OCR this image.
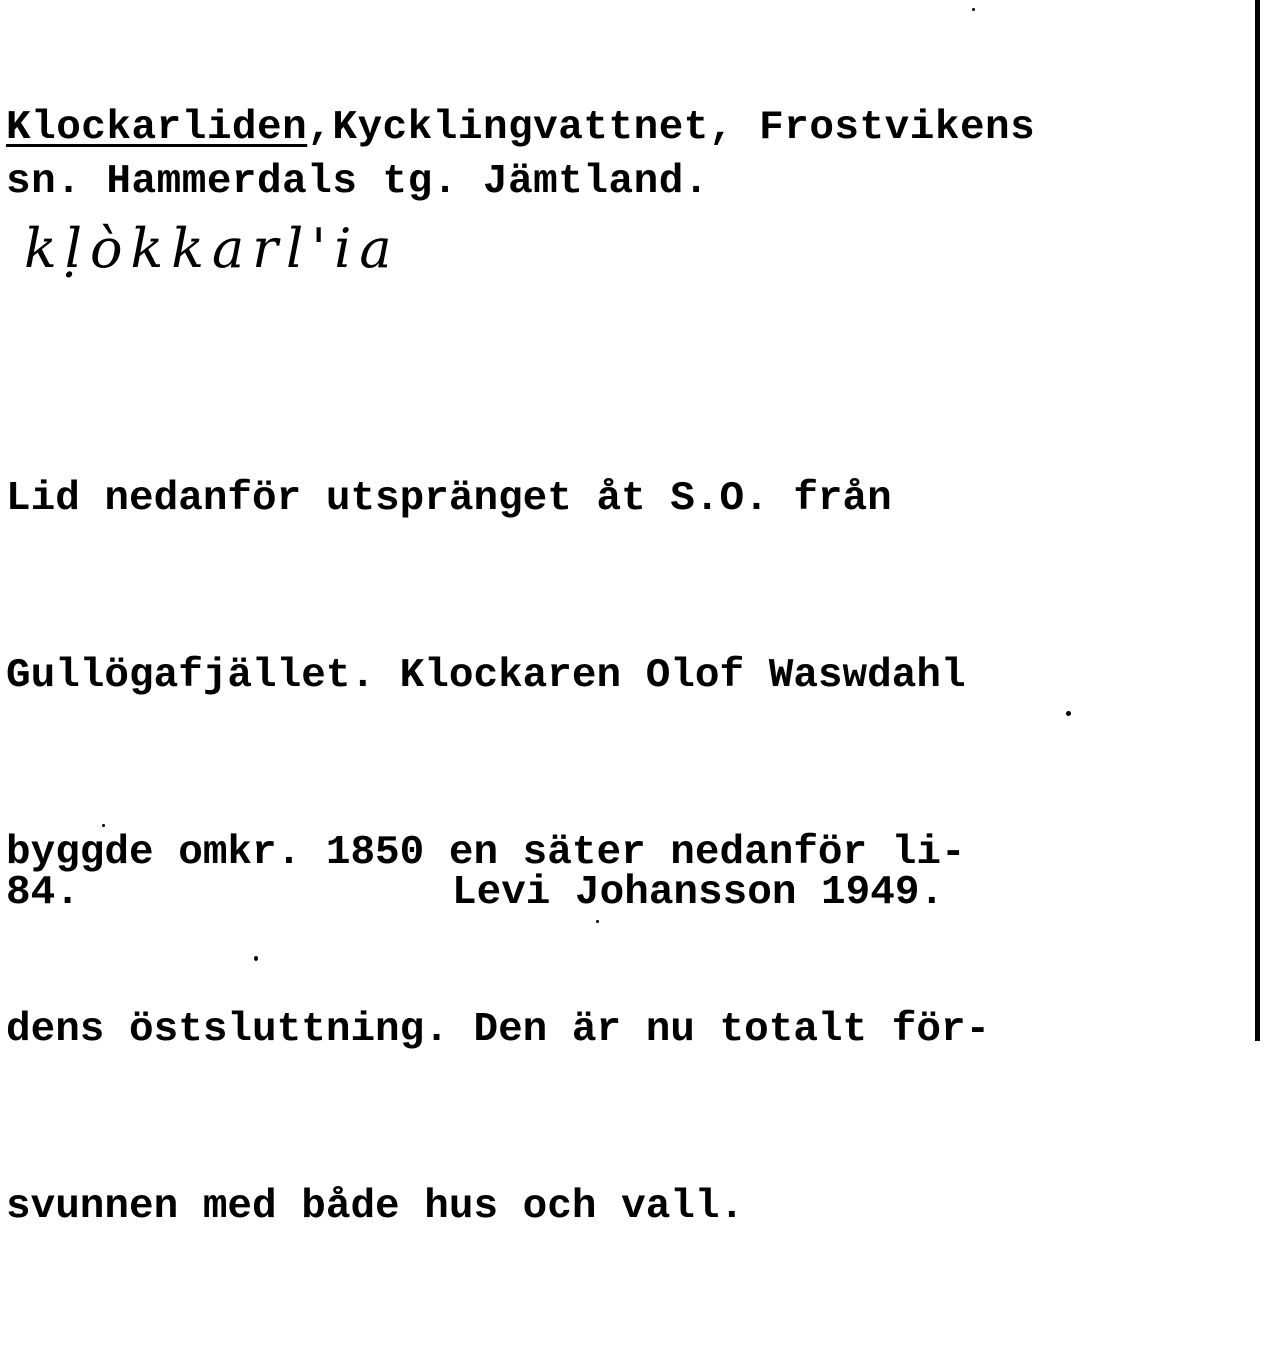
Klockarliden,Kycklingvattnet, Frostvikens
sn. Hammerdals tg. Jämtland.
kḷòkkarl'ia

Lid nedanför utspränget åt S.O. från

Gullögafjället. Klockaren Olof Waswdahl

byggde omkr. 1850 en säter nedanför li-

dens östsluttning. Den är nu totalt för-

svunnen med både hus och vall.

84.	Levi Johansson 1949.
